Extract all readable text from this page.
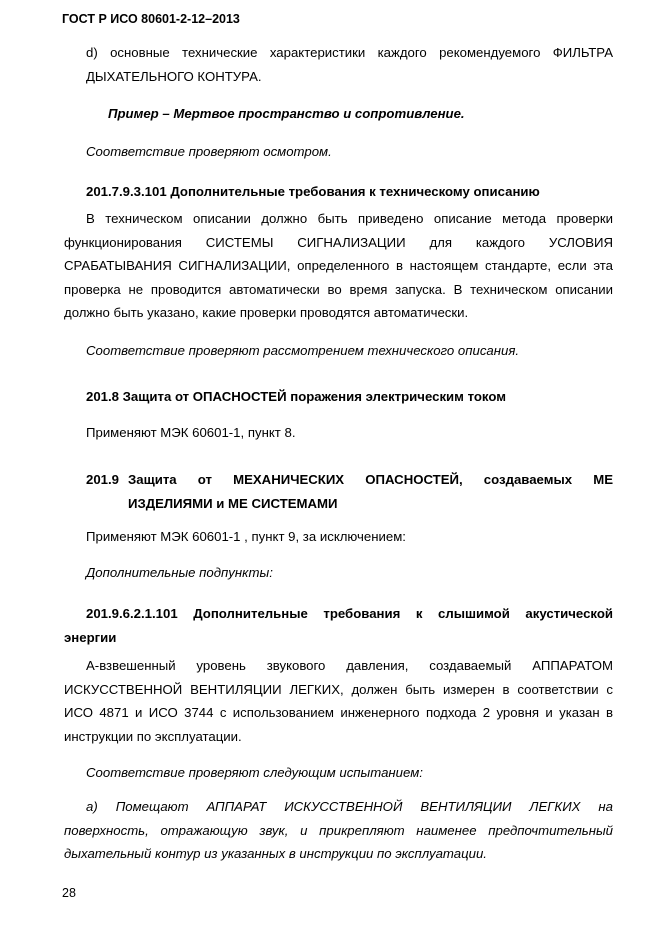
ГОСТ Р ИСО 80601-2-12–2013

d) основные технические характеристики каждого рекомендуемого ФИЛЬТРА

ДЫХАТЕЛЬНОГО КОНТУРА.

Пример – Мертвое пространство и сопротивление.
Соответствие проверяют осмотром.
201.7.9.3.101 Дополнительные требования к техническому описанию

В техническом описании должно быть приведено описание метода проверки

функционирования СИСТЕМЫ СИГНАЛИЗАЦИИ для каждого УСЛОВИЯ

СРАБАТЫВАНИЯ СИГНАЛИЗАЦИИ, определенного в настоящем стандарте, если эта

проверка не проводится автоматически во время запуска. В техническом описании

должно быть указано, какие проверки проводятся автоматически.

Соответствие проверяют рассмотрением технического описания.
201.8 Защита от ОПАСНОСТЕЙ поражения электрическим током
Применяют МЭК 60601-1, пункт 8.
201.9 Защита от МЕХАНИЧЕСКИХ ОПАСНОСТЕЙ, создаваемых МЕ

ИЗДЕЛИЯМИ и МЕ СИСТЕМАМИ

Применяют МЭК 60601-1 , пункт 9, за исключением:
Дополнительные подпункты:

201.9.6.2.1.101 Дополнительные требования к слышимой акустической

энергии

А-взвешенный уровень звукового давления, создаваемый АППАРАТОМ

ИСКУССТВЕННОЙ ВЕНТИЛЯЦИИ ЛЕГКИХ, должен быть измерен в соответствии с

ИСО 4871 и ИСО 3744 с использованием инженерного подхода 2 уровня и указан в

инструкции по эксплуатации.

Соответствие проверяют следующим испытанием:

а) Помещают АППАРАТ ИСКУССТВЕННОЙ ВЕНТИЛЯЦИИ ЛЕГКИХ на

поверхность, отражающую звук, и прикрепляют наименее предпочтительный

дыхательный контур из указанных в инструкции по эксплуатации.

28
